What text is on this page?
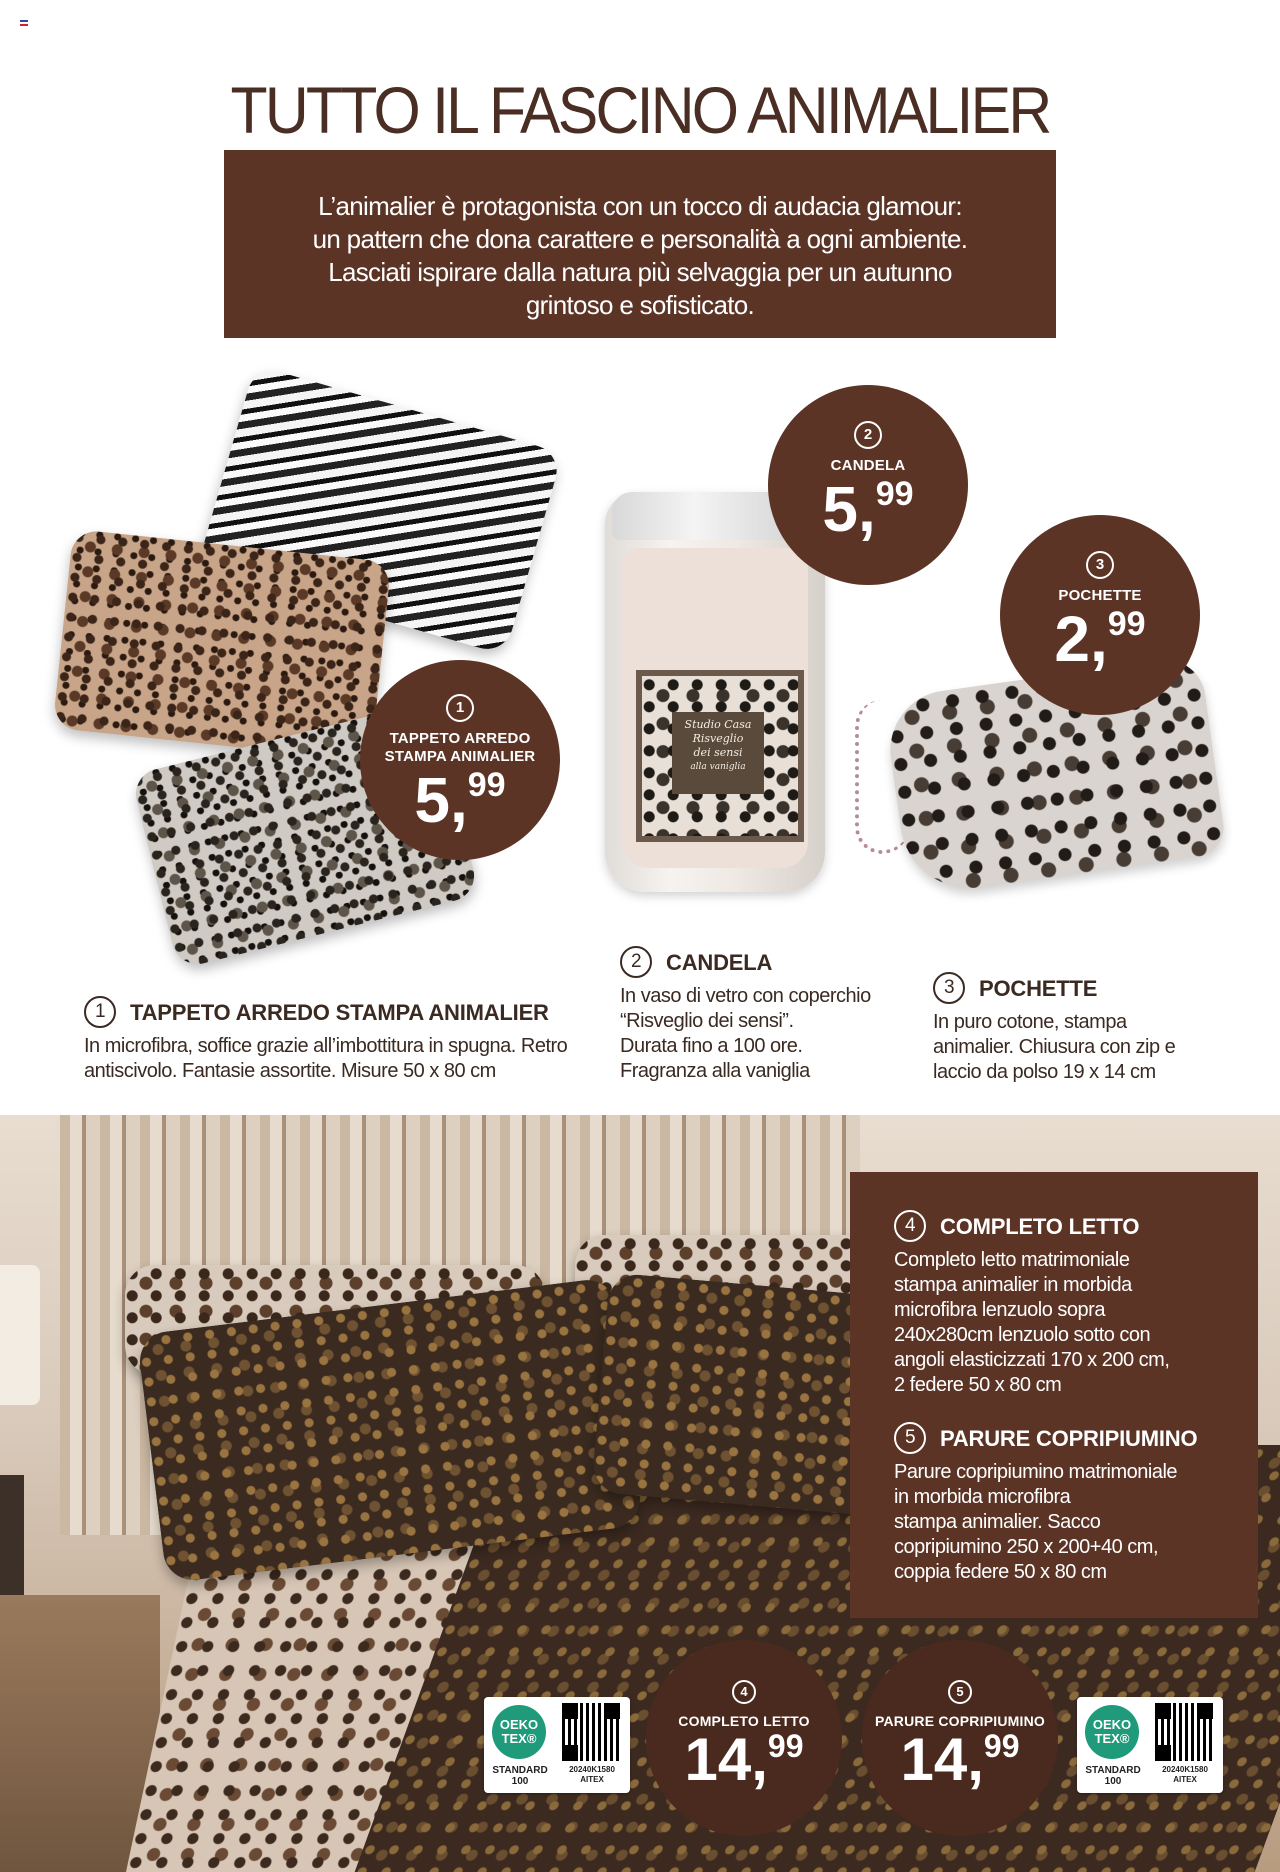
TUTTO IL FASCINO ANIMALIER
L’animalier è protagonista con un tocco di audacia glamour:
un pattern che dona carattere e personalità a ogni ambiente.
Lasciati ispirare dalla natura più selvaggia per un autunno
grintoso e sofisticato.
Studio Casa
Risveglio
dei sensi
alla vaniglia
1
TAPPETO ARREDO
STAMPA ANIMALIER
5,99
2
CANDELA
5,99
3
POCHETTE
2,99
2	CANDELA
In vaso di vetro con coperchio
“Risveglio dei sensi”.
Durata fino a 100 ore.
Fragranza alla vaniglia
3	POCHETTE
In puro cotone, stampa
animalier. Chiusura con zip e
laccio da polso 19 x 14 cm
1	TAPPETO ARREDO STAMPA ANIMALIER
In microfibra, soffice grazie all’imbottitura in spugna. Retro
antiscivolo. Fantasie assortite. Misure 50 x 80 cm
4	COMPLETO LETTO
Completo letto matrimoniale
stampa animalier in morbida
microfibra lenzuolo sopra
240x280cm lenzuolo sotto con
angoli elasticizzati 170 x 200 cm,
2 federe 50 x 80 cm
5	PARURE COPRIPIUMINO
Parure copripiumino matrimoniale
in morbida microfibra
stampa animalier. Sacco
copripiumino 250 x 200+40 cm,
coppia federe 50 x 80 cm
4
COMPLETO LETTO
14,99
5
PARURE COPRIPIUMINO
14,99
OEKO
TEX®
STANDARD
100
20240K1580
AITEX
OEKO
TEX®
STANDARD
100
20240K1580
AITEX
